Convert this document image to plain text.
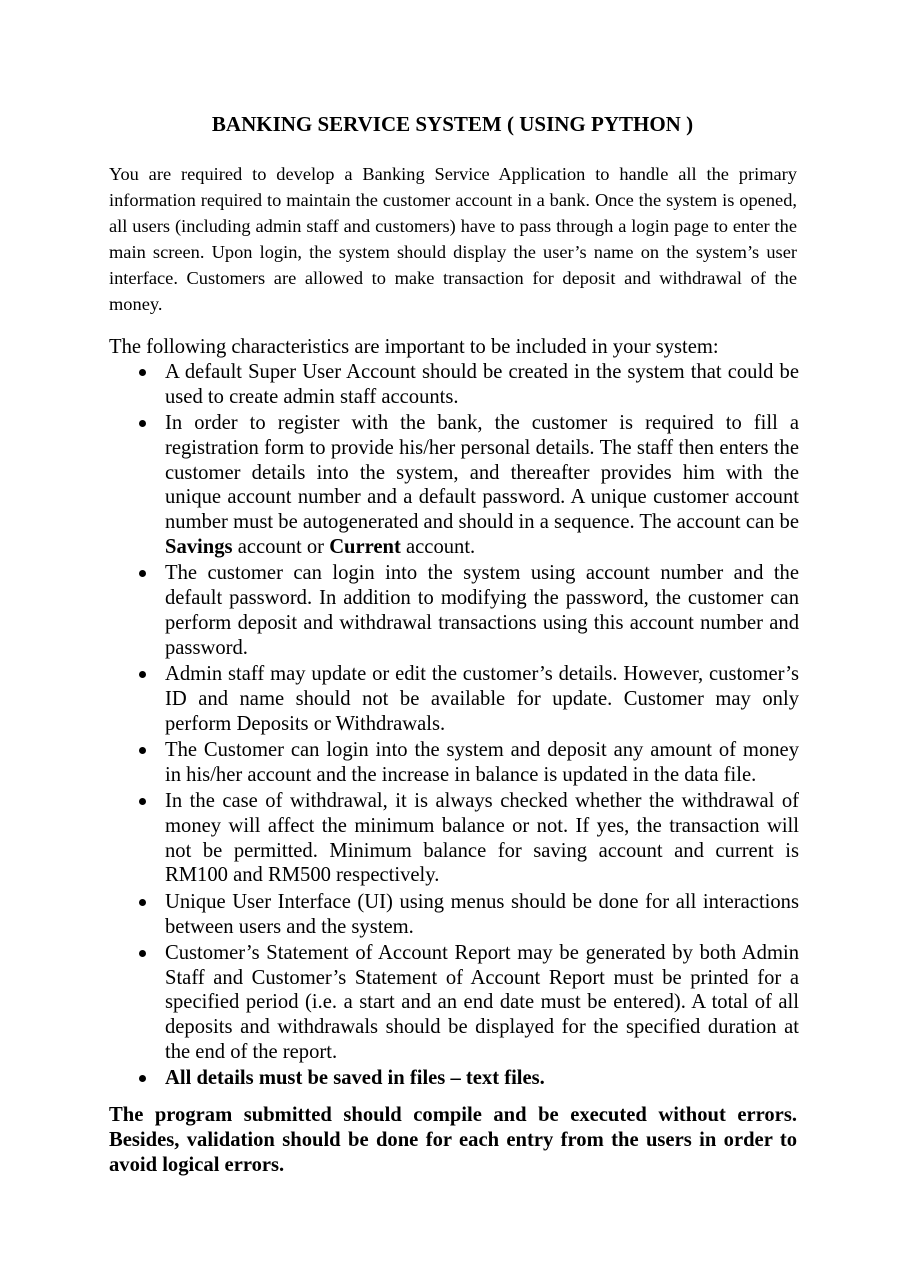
BANKING SERVICE SYSTEM ( USING PYTHON )

You are required to develop a Banking Service Application to handle all the primary information required to maintain the customer account in a bank. Once the system is opened, all users (including admin staff and customers) have to pass through a login page to enter the main screen. Upon login, the system should display the user’s name on the system’s user interface. Customers are allowed to make transaction for deposit and withdrawal of the money.

The following characteristics are important to be included in your system:

A default Super User Account should be created in the system that could be used to create admin staff accounts.
In order to register with the bank, the customer is required to fill a registration form to provide his/her personal details. The staff then enters the customer details into the system, and thereafter provides him with the unique account number and a default password. A unique customer account number must be autogenerated and should in a sequence. The account can be Savings account or Current account.
The customer can login into the system using account number and the default password. In addition to modifying the password, the customer can perform deposit and withdrawal transactions using this account number and password.
Admin staff may update or edit the customer’s details. However, customer’s ID and name should not be available for update. Customer may only perform Deposits or Withdrawals.
The Customer can login into the system and deposit any amount of money in his/her account and the increase in balance is updated in the data file.
In the case of withdrawal, it is always checked whether the withdrawal of money will affect the minimum balance or not. If yes, the transaction will not be permitted. Minimum balance for saving account and current is RM100 and RM500 respectively.
Unique User Interface (UI) using menus should be done for all interactions between users and the system.
Customer’s Statement of Account Report may be generated by both Admin Staff and Customer’s Statement of Account Report must be printed for a specified period (i.e. a start and an end date must be entered). A total of all deposits and withdrawals should be displayed for the specified duration at the end of the report.
All details must be saved in files – text files.

The program submitted should compile and be executed without errors. Besides, validation should be done for each entry from the users in order to avoid logical errors.
